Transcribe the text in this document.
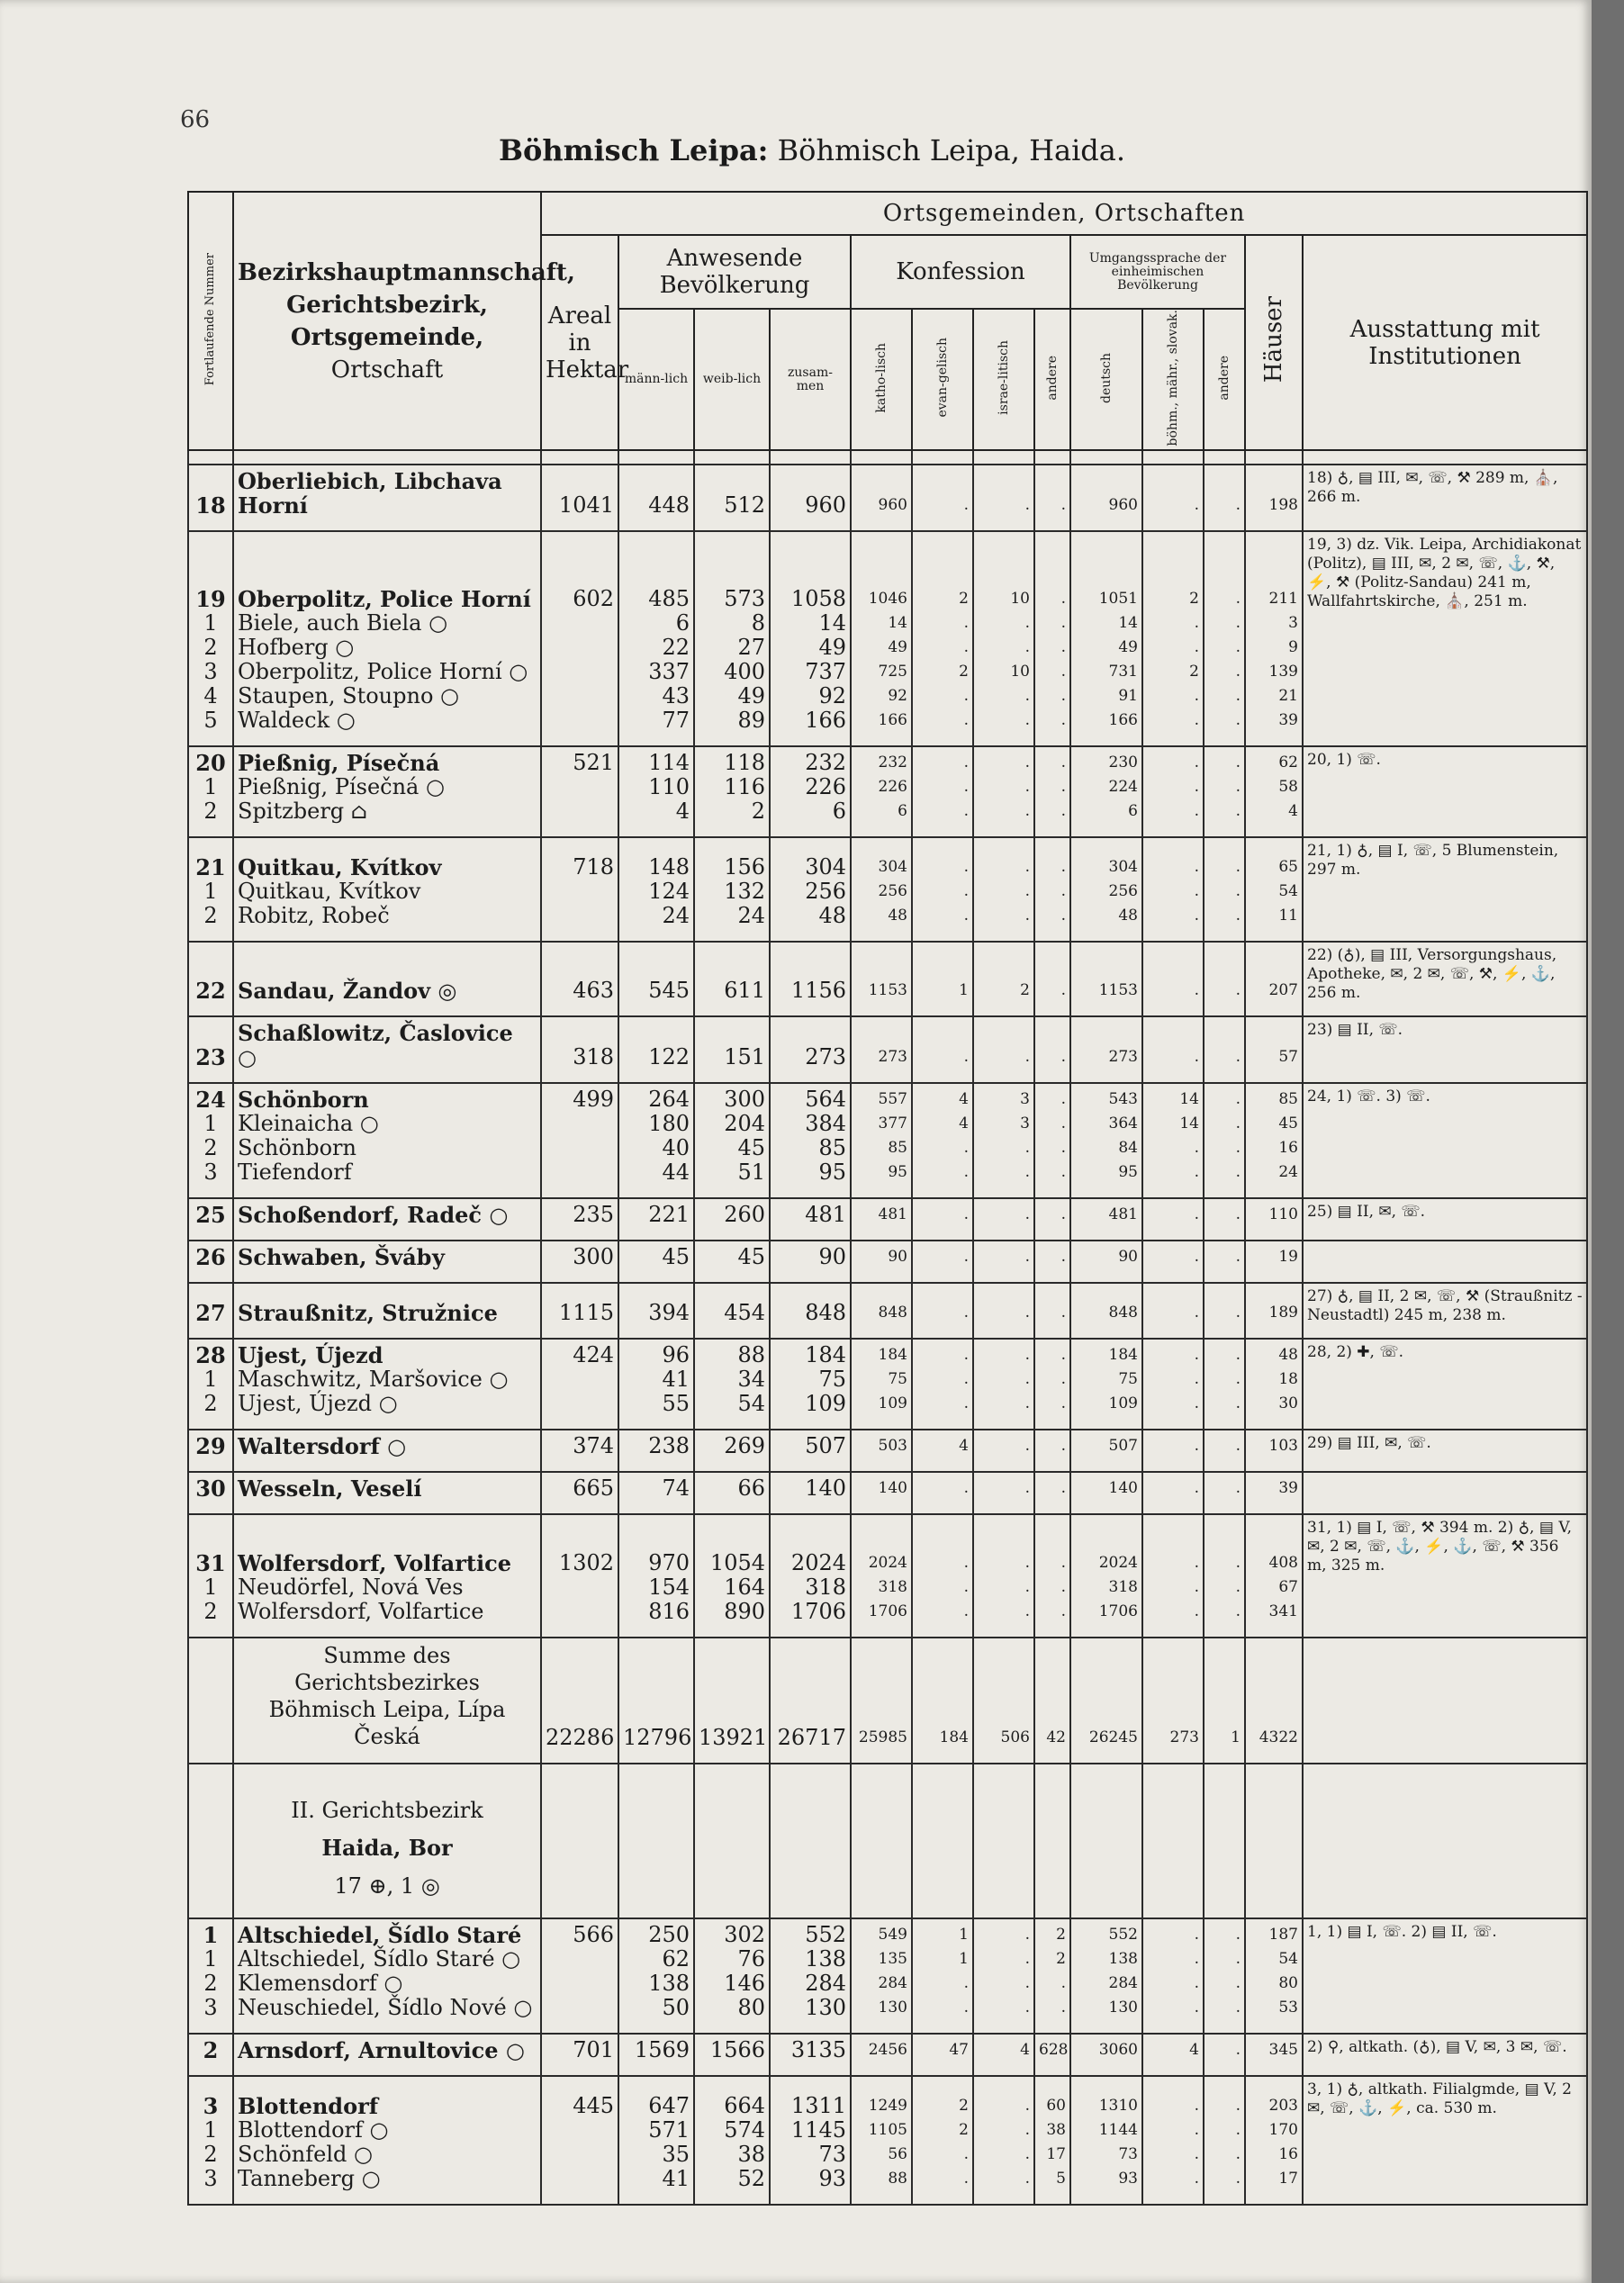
66
Böhmisch Leipa: Böhmisch Leipa, Haida.
Fortlaufende Nummer	Bezirkshauptmannschaft,
Gerichtsbezirk,
Ortsgemeinde,
Ortschaft	Ortsgemeinden, Ortschaften												
		Areal in Hektar	Anwesende Bevölkerung			Konfession				Umgangssprache der einheimischen Bevölkerung			Häuser	Ausstattung mit Institutionen
			männ-lich	weib-lich	zusam-men	katho-lisch	evan-gelisch	israe-litisch	andere	deutsch	böhm., mähr., slovak.	andere		

18	Oberliebich, Libchava Horní	1041	448	512	960	960	.	.	.	960	.	.	198	18) ♁, ▤ III, ✉, ☏, ⚒ 289 m, ⛪, 266 m.

19	Oberpolitz, Police Horní	602	485	573	1058	1046	2	10	.	1051	2	.	211	19, 3) dz. Vik. Leipa, Archidiakonat (Politz), ▤ III, ✉, 2 ✉, ☏, ⚓, ⚒, ⚡, ⚒ (Politz-Sandau) 241 m, Wallfahrtskirche, ⛪, 251 m.
1	Biele, auch Biela ○		6	8	14	14	.	.	.	14	.	.	3	
2	Hofberg ○		22	27	49	49	.	.	.	49	.	.	9	
3	Oberpolitz, Police Horní ○		337	400	737	725	2	10	.	731	2	.	139	
4	Staupen, Stoupno ○		43	49	92	92	.	.	.	91	.	.	21	
5	Waldeck ○		77	89	166	166	.	.	.	166	.	.	39	

20	Pießnig, Písečná	521	114	118	232	232	.	.	.	230	.	.	62	20, 1) ☏.
1	Pießnig, Písečná ○		110	116	226	226	.	.	.	224	.	.	58	
2	Spitzberg ⌂		4	2	6	6	.	.	.	6	.	.	4	

21	Quitkau, Kvítkov	718	148	156	304	304	.	.	.	304	.	.	65	21, 1) ♁, ▤ I, ☏, 5 Blumenstein, 297 m.
1	Quitkau, Kvítkov		124	132	256	256	.	.	.	256	.	.	54	
2	Robitz, Robeč		24	24	48	48	.	.	.	48	.	.	11	

22	Sandau, Žandov ◎	463	545	611	1156	1153	1	2	.	1153	.	.	207	22) (♁), ▤ III, Versorgungshaus, Apotheke, ✉, 2 ✉, ☏, ⚒, ⚡, ⚓, 256 m.

23	Schaßlowitz, Časlovice ○	318	122	151	273	273	.	.	.	273	.	.	57	23) ▤ II, ☏.

24	Schönborn	499	264	300	564	557	4	3	.	543	14	.	85	24, 1) ☏. 3) ☏.
1	Kleinaicha ○		180	204	384	377	4	3	.	364	14	.	45	
2	Schönborn		40	45	85	85	.	.	.	84	.	.	16	
3	Tiefendorf		44	51	95	95	.	.	.	95	.	.	24	

25	Schoßendorf, Radeč ○	235	221	260	481	481	.	.	.	481	.	.	110	25) ▤ II, ✉, ☏.

26	Schwaben, Švábу	300	45	45	90	90	.	.	.	90	.	.	19	

27	Straußnitz, Stružnice	1115	394	454	848	848	.	.	.	848	.	.	189	27) ♁, ▤ II, 2 ✉, ☏, ⚒ (Straußnitz - Neustadtl) 245 m, 238 m.

28	Ujest, Újezd	424	96	88	184	184	.	.	.	184	.	.	48	28, 2) ✚, ☏.
1	Maschwitz, Maršovice ○		41	34	75	75	.	.	.	75	.	.	18	
2	Ujest, Újezd ○		55	54	109	109	.	.	.	109	.	.	30	

29	Waltersdorf ○	374	238	269	507	503	4	.	.	507	.	.	103	29) ▤ III, ✉, ☏.

30	Wesseln, Veselí	665	74	66	140	140	.	.	.	140	.	.	39	

31	Wolfersdorf, Volfartice	1302	970	1054	2024	2024	.	.	.	2024	.	.	408	31, 1) ▤ I, ☏, ⚒ 394 m. 2) ♁, ▤ V, ✉, 2 ✉, ☏, ⚓, ⚡, ⚓, ☏, ⚒ 356 m, 325 m.
1	Neudörfel, Nová Ves		154	164	318	318	.	.	.	318	.	.	67	
2	Wolfersdorf, Volfartice		816	890	1706	1706	.	.	.	1706	.	.	341	

	Summe des Gerichtsbezirkes Böhmisch Leipa, Lípa Česká	22286	12796	13921	26717	25985	184	506	42	26245	273	1	4322	

	II. Gerichtsbezirk
Haida, Bor
17 ⊕, 1 ◎													

1	Altschiedel, Šídlo Staré	566	250	302	552	549	1	.	2	552	.	.	187	1, 1) ▤ I, ☏. 2) ▤ II, ☏.
1	Altschiedel, Šídlo Staré ○		62	76	138	135	1	.	2	138	.	.	54	
2	Klemensdorf ○		138	146	284	284	.	.	.	284	.	.	80	
3	Neuschiedel, Šídlo Nové ○		50	80	130	130	.	.	.	130	.	.	53	

2	Arnsdorf, Arnultovice ○	701	1569	1566	3135	2456	47	4	628	3060	4	.	345	2) ⚲, altkath. (♁), ▤ V, ✉, 3 ✉, ☏.

3	Blottendorf	445	647	664	1311	1249	2	.	60	1310	.	.	203	3, 1) ♁, altkath. Filialgmde, ▤ V, 2 ✉, ☏, ⚓, ⚡, ca. 530 m.
1	Blottendorf ○		571	574	1145	1105	2	.	38	1144	.	.	170	
2	Schönfeld ○		35	38	73	56	.	.	17	73	.	.	16	
3	Tanneberg ○		41	52	93	88	.	.	5	93	.	.	17	
